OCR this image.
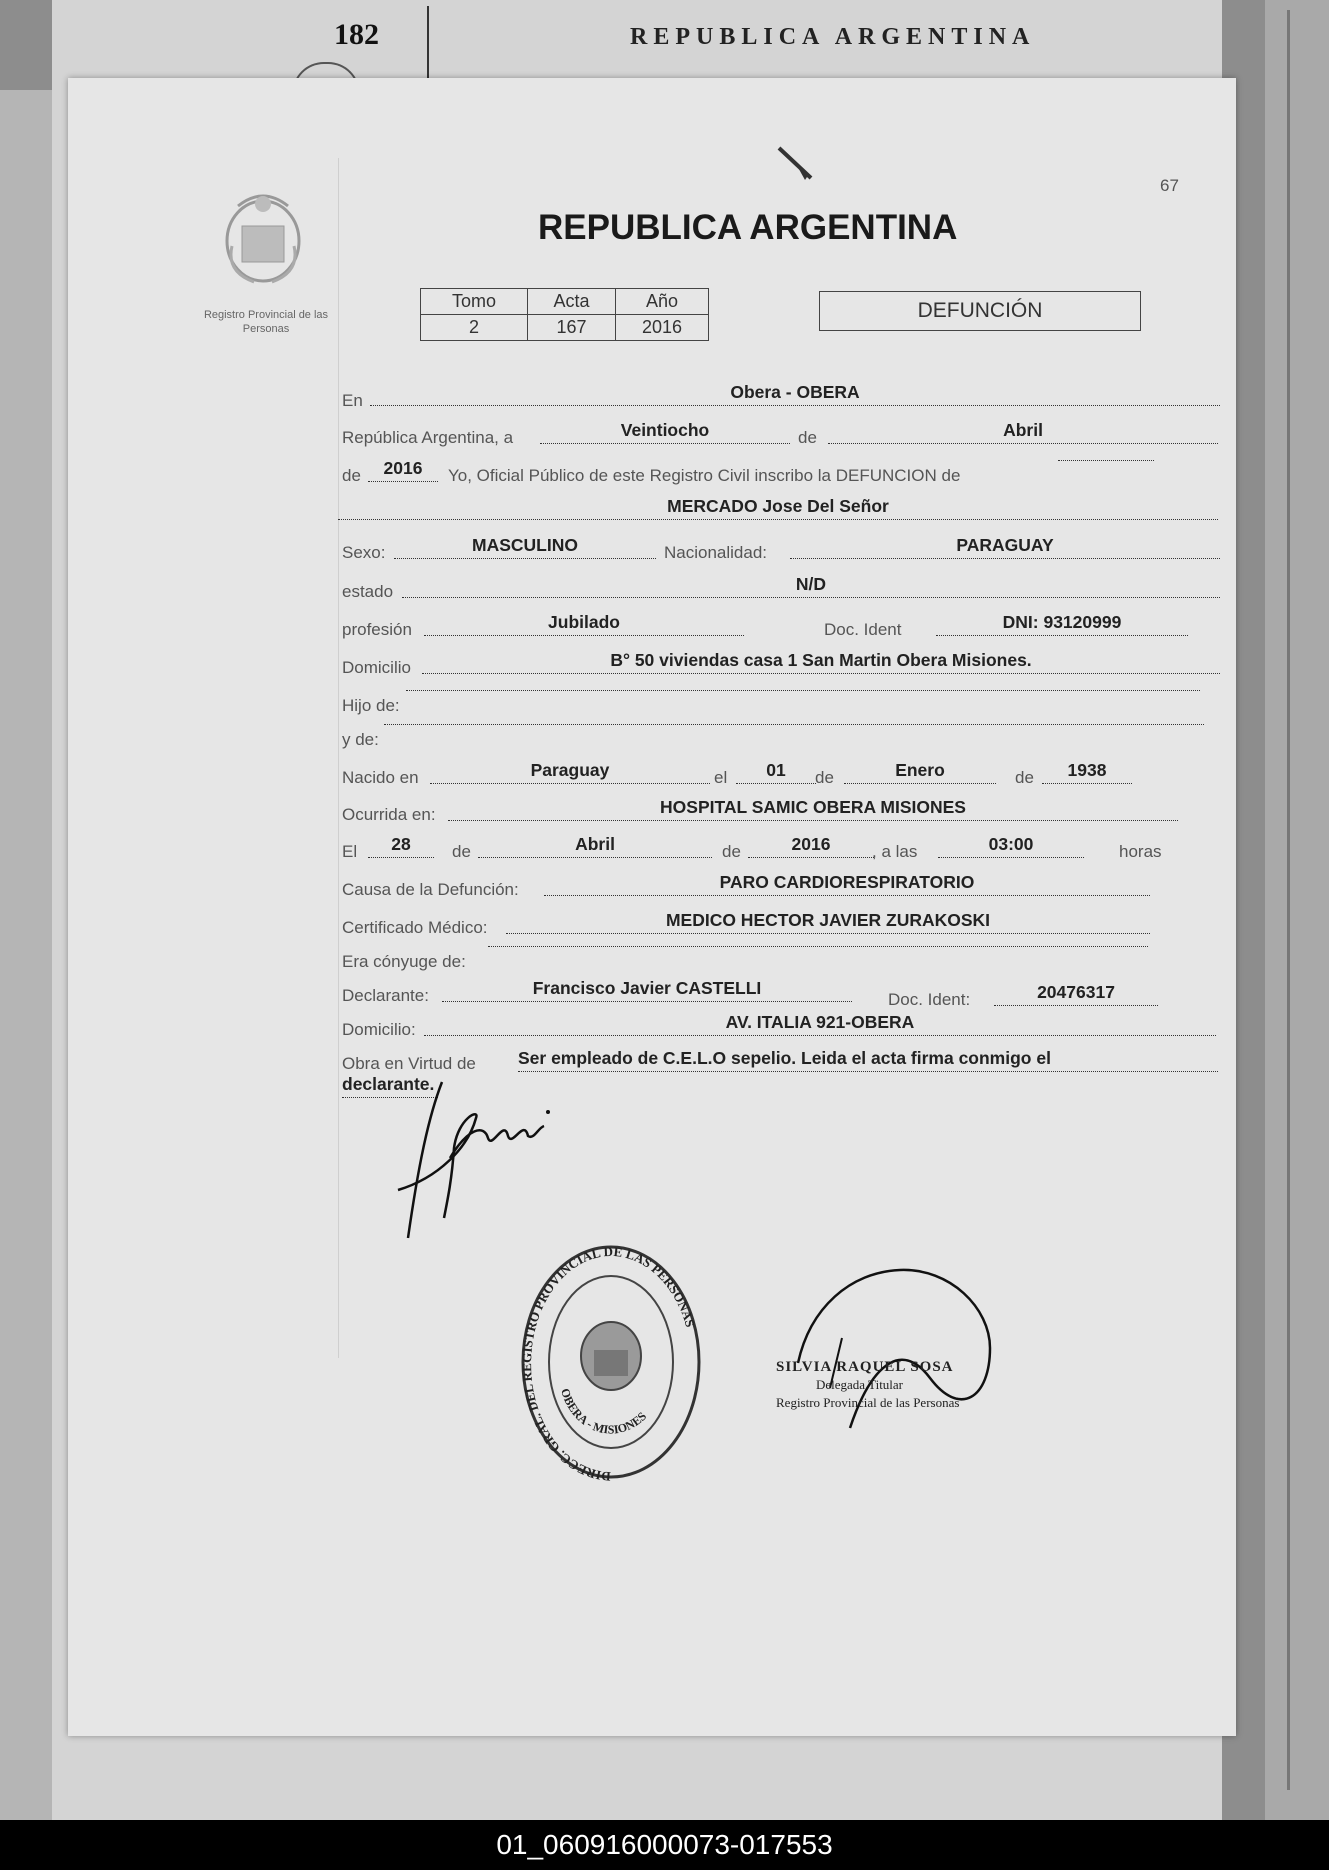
182	REPUBLICA ARGENTINA
67
Registro Provincial de las Personas
REPUBLICA ARGENTINA
Tomo	Acta	Año
2	167	2016
DEFUNCIÓN
En	Obera - OBERA
República Argentina, a	Veintiocho	de	Abril
de	2016	Yo, Oficial Público de este Registro Civil inscribo la DEFUNCION de
MERCADO Jose Del Señor
Sexo:	MASCULINO	Nacionalidad:	PARAGUAY
estado	N/D
profesión	Jubilado	Doc. Ident	DNI: 93120999
Domicilio	B° 50 viviendas casa 1 San Martin Obera Misiones.
Hijo de:
y de:
Nacido en	Paraguay	el	01	de	Enero	de	1938
Ocurrida en:	HOSPITAL SAMIC OBERA MISIONES
El	28	de	Abril	de	2016	, a las	03:00	horas
Causa de la Defunción:	PARO CARDIORESPIRATORIO
Certificado Médico:	MEDICO HECTOR JAVIER ZURAKOSKI
Era cónyuge de:
Declarante:	Francisco Javier CASTELLI
Doc. Ident:	20476317
Domicilio:	AV. ITALIA 921-OBERA
Obra en Virtud de Ser empleado de C.E.L.O sepelio. Leida el acta firma conmigo el
declarante.
DIRECC. GRAL. DEL REGISTRO PROVINCIAL DE LAS PERSONAS
OBERA - MISIONES
SILVIA RAQUEL SOSA
Delegada Titular
Registro Provincial de las Personas
01_060916000073-017553
